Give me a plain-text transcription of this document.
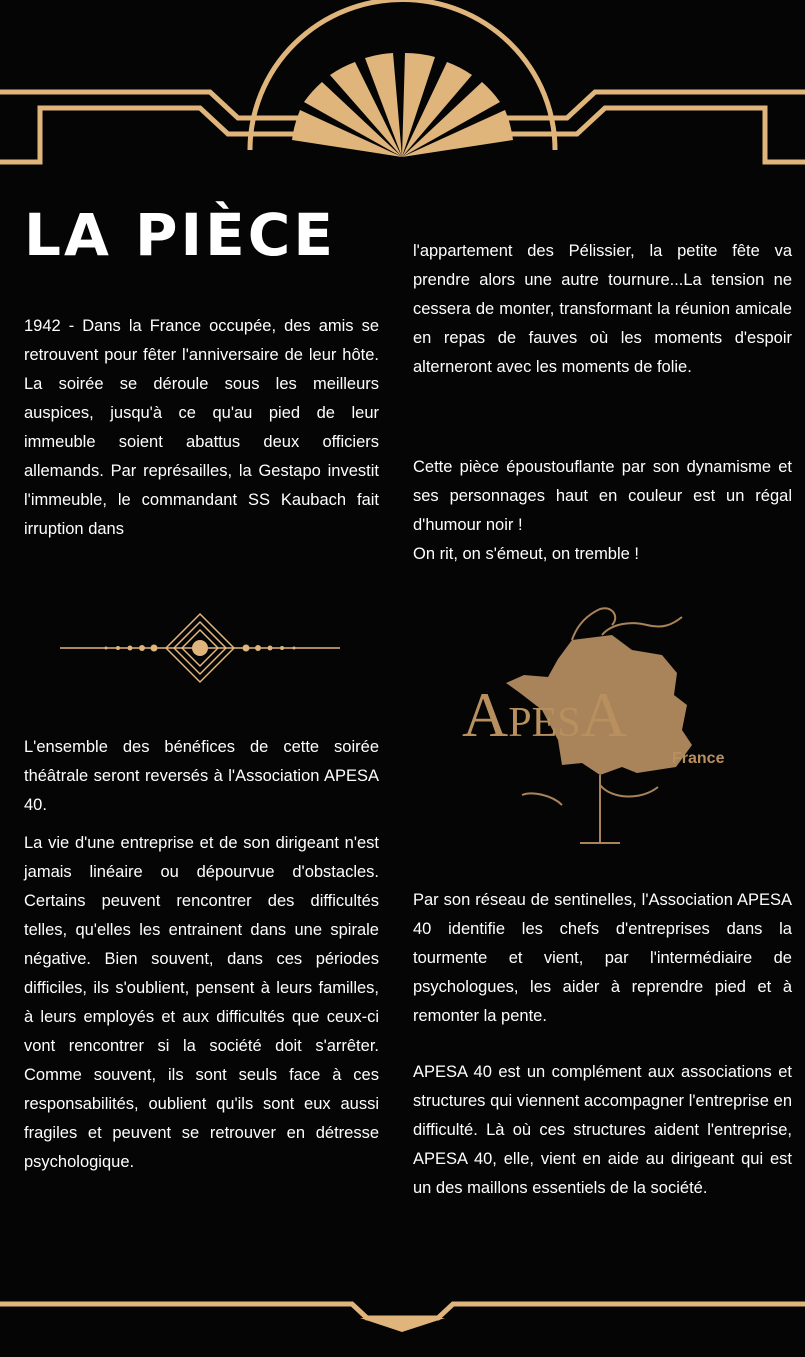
LA PIÈCE

1942 - Dans la France occupée, des amis se retrouvent pour fêter l'anniversaire de leur hôte. La soirée se déroule sous les meilleurs auspices, jusqu'à ce qu'au pied de leur immeuble soient abattus deux officiers allemands. Par représailles, la Gestapo investit l'immeuble, le commandant SS Kaubach fait irruption dans

l'appartement des Pélissier, la petite fête va prendre alors une autre tournure...La tension ne cessera de monter, transformant la réunion amicale en repas de fauves où les moments d'espoir alterneront avec les moments de folie.

Cette pièce époustouflante par son dynamisme et ses personnages haut en couleur est un régal d'humour noir !

On rit, on s'émeut, on tremble !

APESA
France

L'ensemble des bénéfices de cette soirée théâtrale seront reversés à l'Association APESA 40.

La vie d'une entreprise et de son dirigeant n'est jamais linéaire ou dépourvue d'obstacles. Certains peuvent rencontrer des difficultés telles, qu'elles les entrainent dans une spirale négative. Bien souvent, dans ces périodes difficiles, ils s'oublient, pensent à leurs familles, à leurs employés et aux difficultés que ceux-ci vont rencontrer si la société doit s'arrêter. Comme souvent, ils sont seuls face à ces responsabilités, oublient qu'ils sont eux aussi fragiles et peuvent se retrouver en détresse psychologique.

Par son réseau de sentinelles, l'Association APESA 40 identifie les chefs d'entreprises dans la tourmente et vient, par l'intermédiaire de psychologues, les aider à reprendre pied et à remonter la pente.

APESA 40 est un complément aux associations et structures qui viennent accompagner l'entreprise en difficulté. Là où ces structures aident l'entreprise, APESA 40, elle, vient en aide au dirigeant qui est un des maillons essentiels de la société.
